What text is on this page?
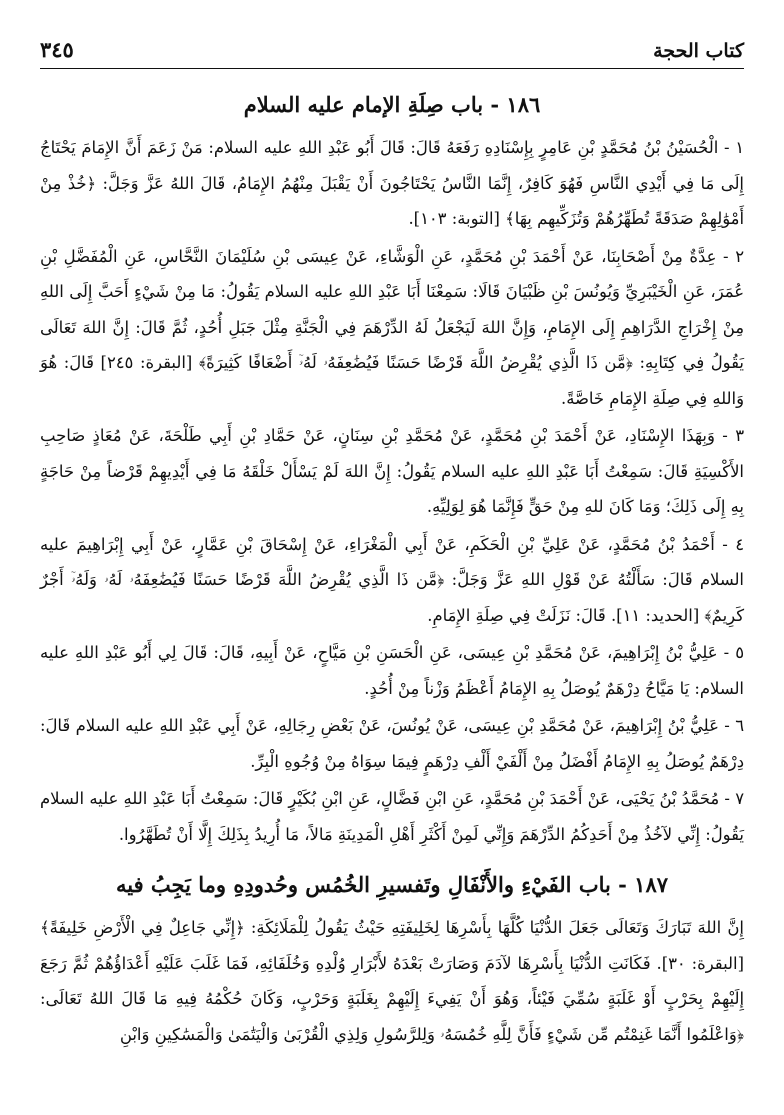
٣٤٥	كتاب الحجة
١٨٦ - باب صِلَةِ الإمام عليه السلام

١ - الْحُسَيْنُ بْنُ مُحَمَّدٍ بْنِ عَامِرٍ بِإِسْنَادِهِ رَفَعَهُ قَالَ: قَالَ أَبُو عَبْدِ اللهِ عليه السلام: مَنْ زَعَمَ أَنَّ الإِمَامَ يَحْتَاجُ إِلَى مَا فِي أَيْدِي النَّاسِ فَهُوَ كَافِرٌ، إِنَّمَا النَّاسُ يَحْتَاجُونَ أَنْ يَقْبَلَ مِنْهُمُ الإِمَامُ، قَالَ اللهُ عَزَّ وَجَلَّ: ﴿خُذْ مِنْ أَمْوَٰلِهِمْ صَدَقَةً تُطَهِّرُهُمْ وَتُزَكِّيهِم بِهَا﴾ [التوبة: ١٠٣].

٢ - عِدَّةٌ مِنْ أَصْحَابِنَا، عَنْ أَحْمَدَ بْنِ مُحَمَّدٍ، عَنِ الْوَشَّاءِ، عَنْ عِيسَى بْنِ سُلَيْمَانَ النَّحَّاسِ، عَنِ الْمُفَضَّلِ بْنِ عُمَرَ، عَنِ الْخَيْبَرِيِّ وَيُونُسَ بْنِ ظَبْيَانَ قَالَا: سَمِعْنَا أَبَا عَبْدِ اللهِ عليه السلام يَقُولُ: مَا مِنْ شَيْءٍ أَحَبَّ إِلَى اللهِ مِنْ إِخْرَاجِ الدَّرَاهِمِ إِلَى الإِمَامِ، وَإِنَّ اللهَ لَيَجْعَلُ لَهُ الدِّرْهَمَ فِي الْجَنَّةِ مِثْلَ جَبَلِ أُحُدٍ، ثُمَّ قَالَ: إِنَّ اللهَ تَعَالَى يَقُولُ فِي كِتَابِهِ: ﴿مَّن ذَا الَّذِي يُقْرِضُ اللَّهَ قَرْضًا حَسَنًا فَيُضَٰعِفَهُۥ لَهُۥٓ أَضْعَافًا كَثِيرَةً﴾ [البقرة: ٢٤٥] قَالَ: هُوَ وَاللهِ فِي صِلَةِ الإِمَامِ خَاصَّةً.

٣ - وَبِهَذَا الإِسْنَادِ، عَنْ أَحْمَدَ بْنِ مُحَمَّدٍ، عَنْ مُحَمَّدِ بْنِ سِنَانٍ، عَنْ حَمَّادِ بْنِ أَبِي طَلْحَةَ، عَنْ مُعَاذٍ صَاحِبِ الأَكْسِيَةِ قَالَ: سَمِعْتُ أَبَا عَبْدِ اللهِ عليه السلام يَقُولُ: إِنَّ اللهَ لَمْ يَسْأَلْ خَلْقَهُ مَا فِي أَيْدِيهِمْ قَرْضاً مِنْ حَاجَةٍ بِهِ إِلَى ذَلِكَ؛ وَمَا كَانَ للهِ مِنْ حَقٍّ فَإِنَّمَا هُوَ لِوَلِيِّهِ.

٤ - أَحْمَدُ بْنُ مُحَمَّدٍ، عَنْ عَلِيِّ بْنِ الْحَكَمِ، عَنْ أَبِي الْمَغْرَاءِ، عَنْ إِسْحَاقَ بْنِ عَمَّارٍ، عَنْ أَبِي إِبْرَاهِيمَ عليه السلام قَالَ: سَأَلْتُهُ عَنْ قَوْلِ اللهِ عَزَّ وَجَلَّ: ﴿مَّن ذَا الَّذِي يُقْرِضُ اللَّهَ قَرْضًا حَسَنًا فَيُضَٰعِفَهُۥ لَهُۥ وَلَهُۥٓ أَجْرٌ كَرِيمٌ﴾ [الحديد: ١١]. قَالَ: نَزَلَتْ فِي صِلَةِ الإِمَامِ.

٥ - عَلِيُّ بْنُ إِبْرَاهِيمَ، عَنْ مُحَمَّدِ بْنِ عِيسَى، عَنِ الْحَسَنِ بْنِ مَيَّاحٍ، عَنْ أَبِيهِ، قَالَ: قَالَ لِي أَبُو عَبْدِ اللهِ عليه السلام: يَا مَيَّاحُ دِرْهَمٌ يُوصَلُ بِهِ الإِمَامُ أَعْظَمُ وَزْناً مِنْ أُحُدٍ.

٦ - عَلِيُّ بْنُ إِبْرَاهِيمَ، عَنْ مُحَمَّدِ بْنِ عِيسَى، عَنْ يُونُسَ، عَنْ بَعْضِ رِجَالِهِ، عَنْ أَبِي عَبْدِ اللهِ عليه السلام قَالَ: دِرْهَمٌ يُوصَلُ بِهِ الإِمَامُ أَفْضَلُ مِنْ أَلْفَيْ أَلْفِ دِرْهَمٍ فِيمَا سِوَاهُ مِنْ وُجُوهِ الْبِرِّ.

٧ - مُحَمَّدُ بْنُ يَحْيَى، عَنْ أَحْمَدَ بْنِ مُحَمَّدٍ، عَنِ ابْنِ فَضَّالٍ، عَنِ ابْنِ بُكَيْرٍ قَالَ: سَمِعْتُ أَبَا عَبْدِ اللهِ عليه السلام يَقُولُ: إِنِّي لآخُذُ مِنْ أَحَدِكُمُ الدِّرْهَمَ وَإِنِّي لَمِنْ أَكْثَرِ أَهْلِ الْمَدِينَةِ مَالاً، مَا أُرِيدُ بِذَلِكَ إِلَّا أَنْ تُطَهَّرُوا.

١٨٧ - باب الفَيْءِ والأَنْفَالِ وتَفسيرِ الخُمُس وحُدودِهِ وما يَجِبُ فيه

إِنَّ اللهَ تَبَارَكَ وَتَعَالَى جَعَلَ الدُّنْيَا كُلَّهَا بِأَسْرِهَا لِخَلِيفَتِهِ حَيْثُ يَقُولُ لِلْمَلَائِكَةِ: ﴿إِنِّي جَاعِلٌ فِي الْأَرْضِ خَلِيفَةً﴾ [البقرة: ٣٠]. فَكَانَتِ الدُّنْيَا بِأَسْرِهَا لآدَمَ وَصَارَتْ بَعْدَهُ لأَبْرَارِ وُلْدِهِ وَخُلَفَائِهِ، فَمَا غَلَبَ عَلَيْهِ أَعْدَاؤُهُمْ ثُمَّ رَجَعَ إِلَيْهِمْ بِحَرْبٍ أَوْ غَلَبَةٍ سُمِّيَ فَيْئاً، وَهُوَ أَنْ يَفِيءَ إِلَيْهِمْ بِغَلَبَةٍ وَحَرْبٍ، وَكَانَ حُكْمُهُ فِيهِ مَا قَالَ اللهُ تَعَالَى: ﴿وَاعْلَمُوا أَنَّمَا غَنِمْتُم مِّن شَيْءٍ فَأَنَّ لِلَّهِ خُمُسَهُۥ وَلِلرَّسُولِ وَلِذِي الْقُرْبَىٰ وَالْيَتَٰمَىٰ وَالْمَسَٰكِينِ وَابْنِ
